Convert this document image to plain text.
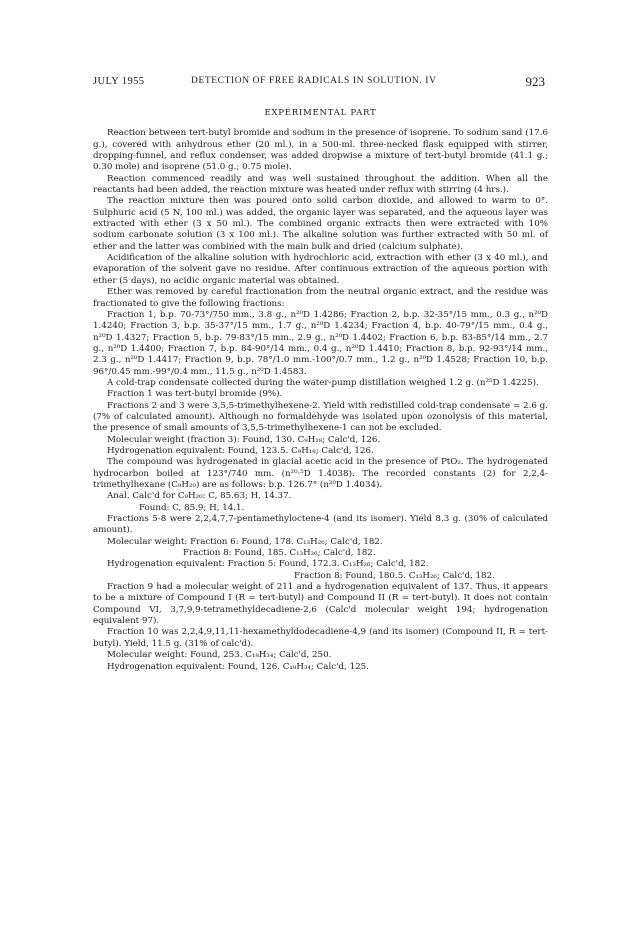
JULY 1955	DETECTION OF FREE RADICALS IN SOLUTION. IV	923
EXPERIMENTAL PART

Reaction between tert-butyl bromide and sodium in the presence of isoprene. To sodium sand (17.6 g.), covered with anhydrous ether (20 ml.), in a 500-ml. three-necked flask equipped with stirrer, dropping-funnel, and reflux condenser, was added dropwise a mixture of tert-butyl bromide (41.1 g.; 0.30 mole) and isoprene (51.0 g.; 0.75 mole).

Reaction commenced readily and was well sustained throughout the addition. When all the reactants had been added, the reaction mixture was heated under reflux with stirring (4 hrs.).

The reaction mixture then was poured onto solid carbon dioxide, and allowed to warm to 0°. Sulphuric acid (5 N, 100 ml.) was added, the organic layer was separated, and the aqueous layer was extracted with ether (3 x 50 ml.). The combined organic extracts then were extracted with 10% sodium carbonate solution (3 x 100 ml.). The alkaline solution was further extracted with 50 ml. of ether and the latter was combined with the main bulk and dried (calcium sulphate).

Acidification of the alkaline solution with hydrochloric acid, extraction with ether (3 x 40 ml.), and evaporation of the solvent gave no residue. After continuous extraction of the aqueous portion with ether (5 days), no acidic organic material was obtained.

Ether was removed by careful fractionation from the neutral organic extract, and the residue was fractionated to give the following fractions:

Fraction 1, b.p. 70-73°/750 mm., 3.8 g., n²⁰D 1.4286; Fraction 2, b.p. 32-35°/15 mm., 0.3 g., n²⁰D 1.4240; Fraction 3, b.p. 35-37°/15 mm., 1.7 g., n²⁰D 1.4234; Fraction 4, b.p. 40-79°/15 mm., 0.4 g., n²⁰D 1.4327; Fraction 5, b.p. 79-83°/15 mm., 2.9 g., n²⁰D 1.4402; Fraction 6, b.p. 83-85°/14 mm., 2.7 g., n²⁰D 1.4400; Fraction 7, b.p. 84-90°/14 mm., 0.4 g., n²⁰D 1.4410; Fraction 8, b.p. 92-93°/14 mm., 2.3 g., n²⁰D 1.4417; Fraction 9, b.p. 78°/1.0 mm.-100°/0.7 mm., 1.2 g., n²⁰D 1.4528; Fraction 10, b.p. 96°/0.45 mm.-99°/0.4 mm., 11.5 g., n²⁰D 1.4583.

A cold-trap condensate collected during the water-pump distillation weighed 1.2 g. (n²⁵D 1.4225).

Fraction 1 was tert-butyl bromide (9%).

Fractions 2 and 3 were 3,5,5-trimethylhexene-2. Yield with redistilled cold-trap condensate = 2.6 g. (7% of calculated amount). Although no formaldehyde was isolated upon ozonolysis of this material, the presence of small amounts of 3,5,5-trimethylhexene-1 can not be excluded.

Molecular weight (fraction 3): Found, 130. C₉H₁₈; Calc'd, 126.

Hydrogenation equivalent: Found, 123.5. C₉H₁₈; Calc'd, 126.

The compound was hydrogenated in glacial acetic acid in the presence of PtO₂. The hydrogenated hydrocarbon boiled at 123°/740 mm. (n²⁰·⁵D 1.4038). The recorded constants (2) for 2,2,4-trimethylhexane (C₉H₂₀) are as follows: b.p. 126.7° (n²⁰D 1.4034).

Anal. Calc'd for C₉H₂₀: C, 85.63; H, 14.37.

Found: C, 85.9; H, 14.1.

Fractions 5-8 were 2,2,4,7,7-pentamethyloctene-4 (and its isomer). Yield 8.3 g. (30% of calculated amount).

Molecular weight: Fraction 6: Found, 178. C₁₃H₂₆; Calc'd, 182.

Fraction 8: Found, 185. C₁₃H₂₆; Calc'd, 182.

Hydrogenation equivalent: Fraction 5: Found, 172.3. C₁₃H₂₆; Calc'd, 182.

Fraction 8: Found, 180.5. C₁₃H₂₆; Calc'd, 182.

Fraction 9 had a molecular weight of 211 and a hydrogenation equivalent of 137. Thus, it appears to be a mixture of Compound I (R = tert-butyl) and Compound II (R = tert-butyl). It does not contain Compound VI, 3,7,9,9-tetramethyldecadiene-2,6 (Calc'd molecular weight 194; hydrogenation equivalent 97).

Fraction 10 was 2,2,4,9,11,11-hexamethyldodecadiene-4,9 (and its isomer) (Compound II, R = tert-butyl). Yield, 11.5 g. (31% of calc'd).

Molecular weight: Found, 253. C₁₈H₃₄; Calc'd, 250.

Hydrogenation equivalent: Found, 126. C₁₈H₃₄; Calc'd, 125.
